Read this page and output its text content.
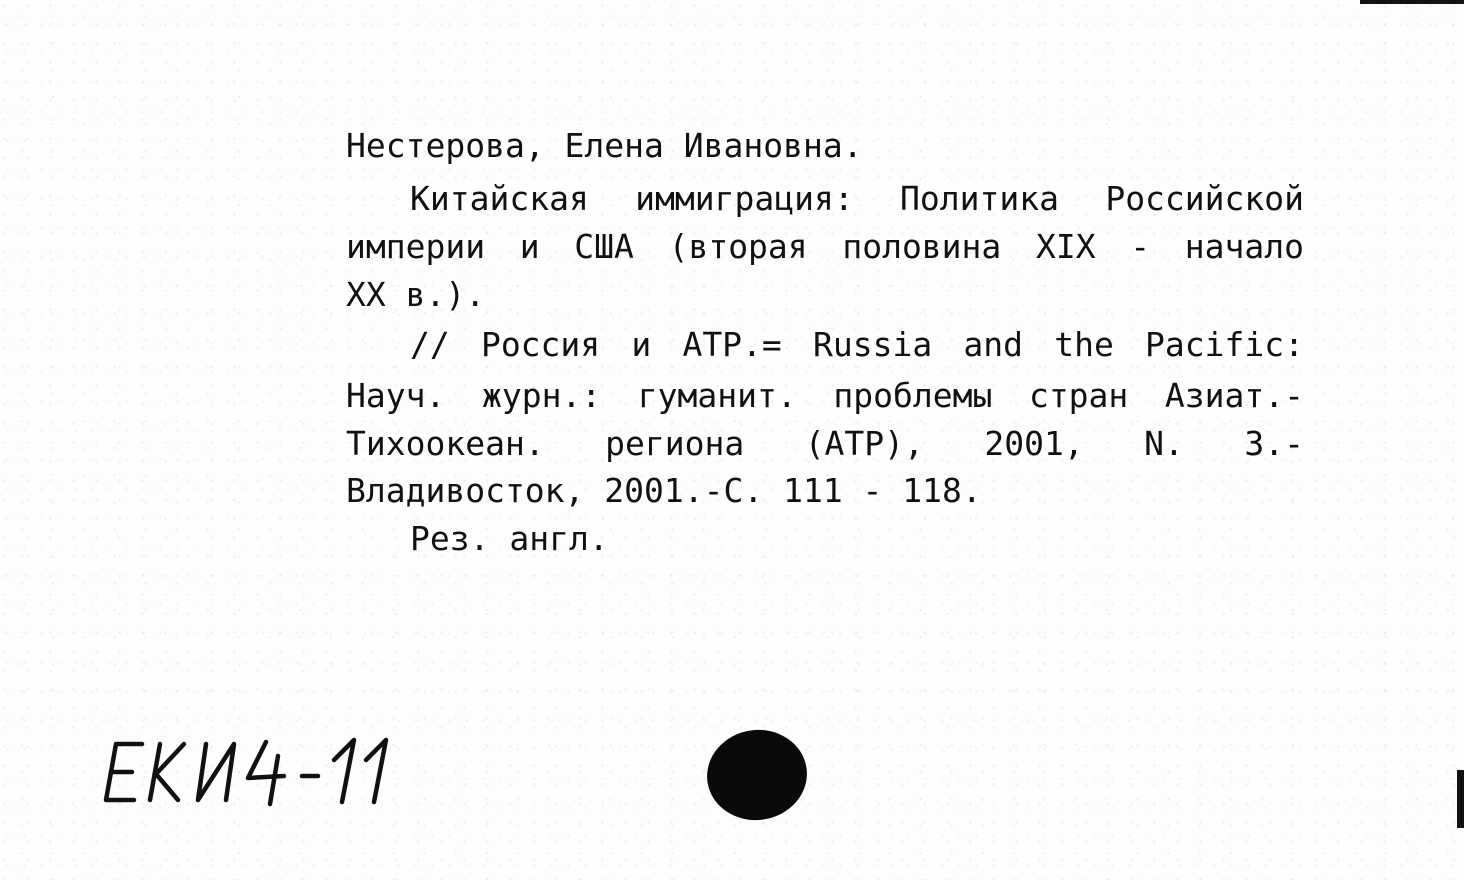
Нестерова, Елена Ивановна.
Китайская иммиграция: Политика Российской
империи и США (вторая половина XIX - начало
XX в.).
// Россия и АТР.= Russia and the Pacific:
Науч. журн.: гуманит. проблемы стран Азиат.-
Тихоокеан. региона (АТР), 2001, N. 3.-
Владивосток, 2001.-С. 111 - 118.
Рез. англ.
